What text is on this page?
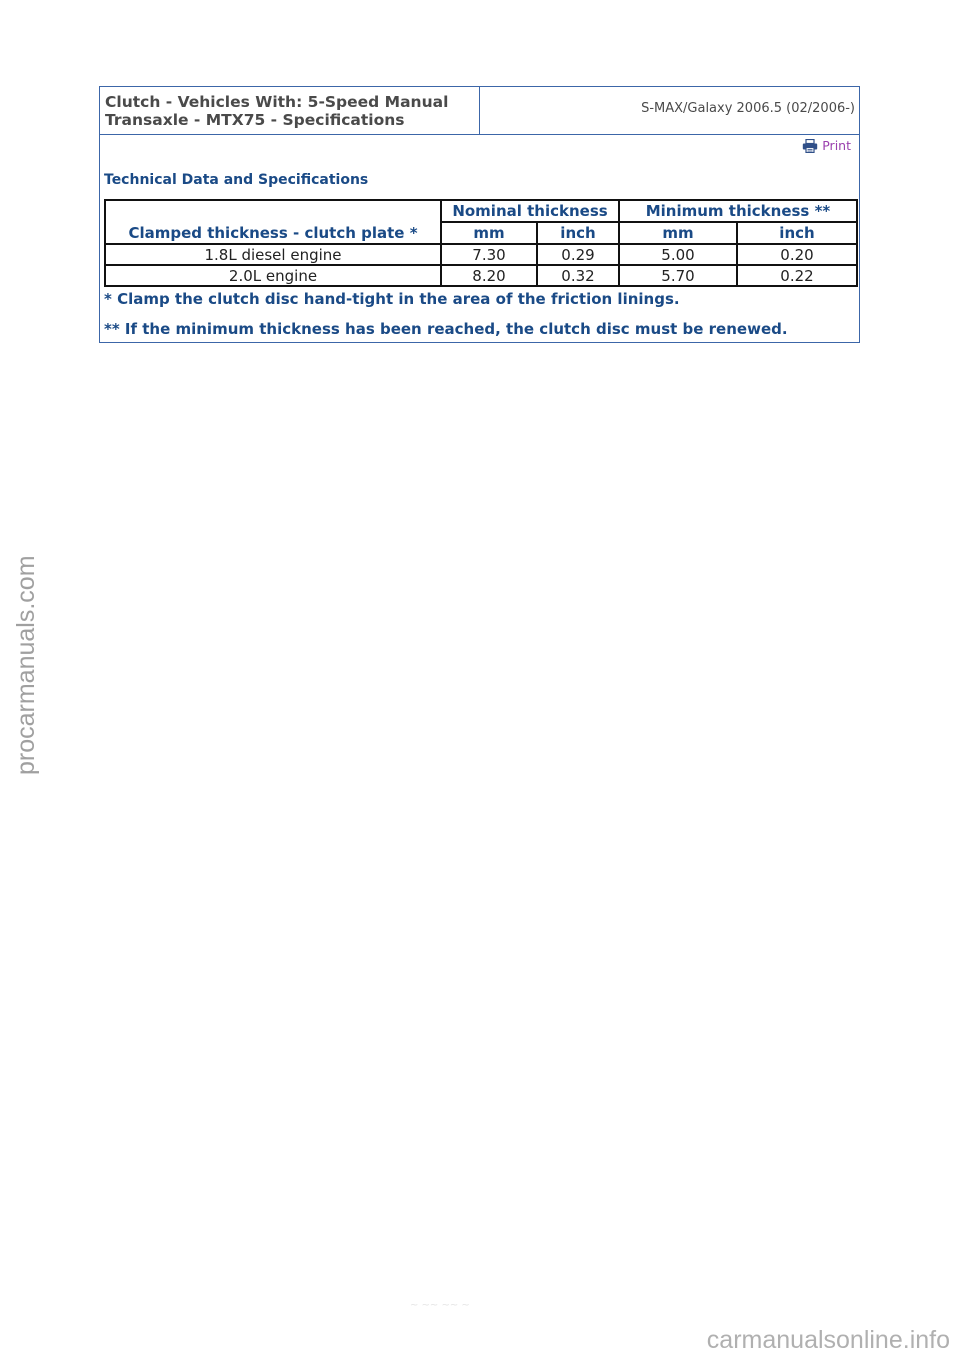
Clutch - Vehicles With: 5-Speed Manual
Transaxle - MTX75 - Specifications
S-MAX/Galaxy 2006.5 (02/2006-)
Print
Technical Data and Specifications
Clamped thickness - clutch plate *	Nominal thickness		Minimum thickness **	
	mm	inch	mm	inch
1.8L diesel engine	7.30	0.29	5.00	0.20
2.0L engine	8.20	0.32	5.70	0.22
* Clamp the clutch disc hand-tight in the area of the friction linings.
** If the minimum thickness has been reached, the clutch disc must be renewed.
procarmanuals.com
~ ~~ ~~ ~
carmanualsonline.info
